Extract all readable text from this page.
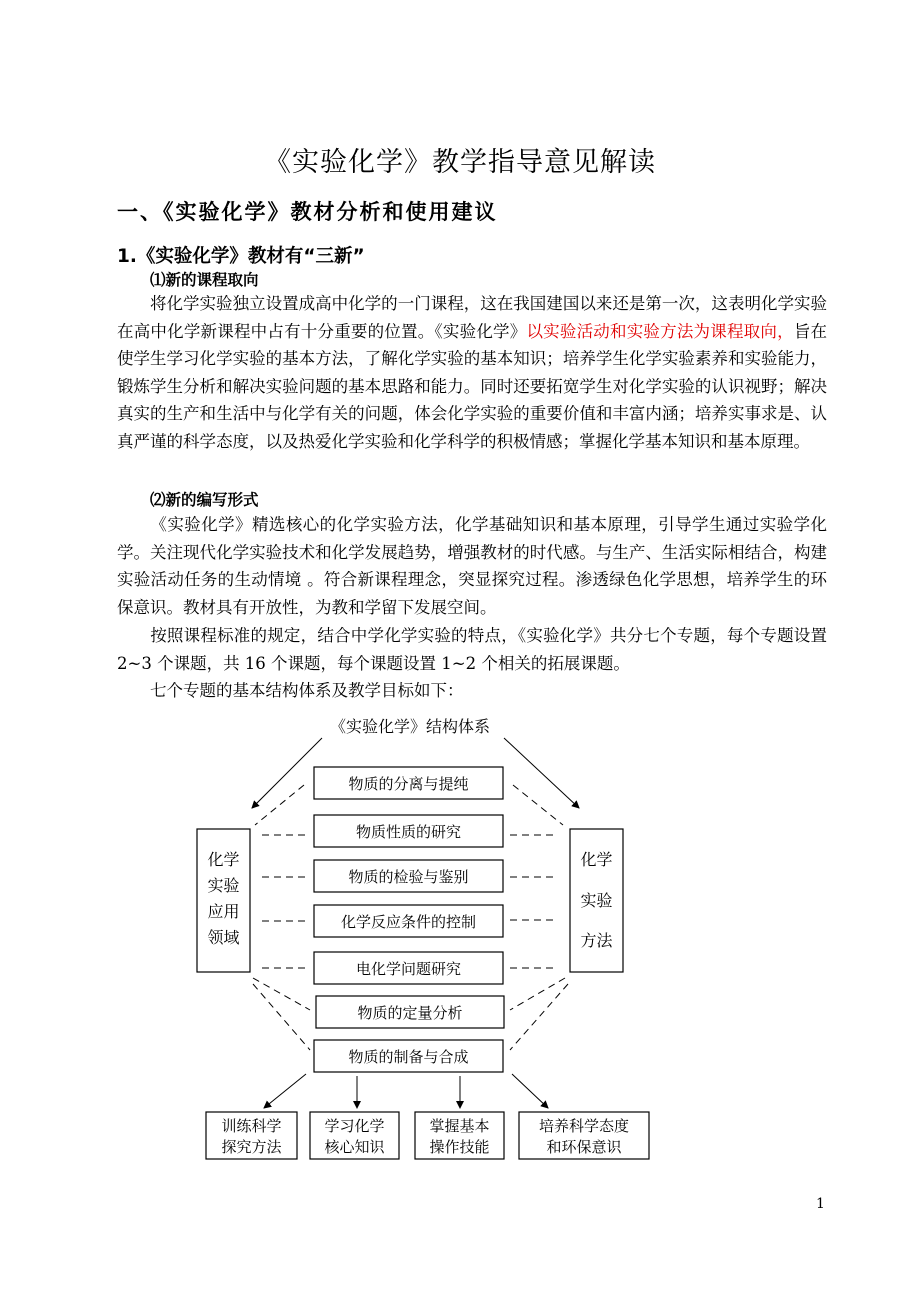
《实验化学》教学指导意见解读
一、《实验化学》教材分析和使用建议
1.《实验化学》教材有“三新”
⑴新的课程取向

将化学实验独立设置成高中化学的一门课程，这在我国建国以来还是第一次，这表明化学实验在高中化学新课程中占有十分重要的位置。《实验化学》以实验活动和实验方法为课程取向，旨在使学生学习化学实验的基本方法，了解化学实验的基本知识；培养学生化学实验素养和实验能力，锻炼学生分析和解决实验问题的基本思路和能力。同时还要拓宽学生对化学实验的认识视野；解决真实的生产和生活中与化学有关的问题，体会化学实验的重要价值和丰富内涵；培养实事求是、认真严谨的科学态度，以及热爱化学实验和化学科学的积极情感；掌握化学基本知识和基本原理。

⑵新的编写形式

《实验化学》精选核心的化学实验方法，化学基础知识和基本原理，引导学生通过实验学化学。关注现代化学实验技术和化学发展趋势，增强教材的时代感。与生产、生活实际相结合，构建实验活动任务的生动情境 。符合新课程理念，突显探究过程。渗透绿色化学思想，培养学生的环保意识。教材具有开放性，为教和学留下发展空间。

按照课程标准的规定，结合中学化学实验的特点，《实验化学》共分七个专题，每个专题设置 2~3 个课题，共 16 个课题，每个课题设置 1~2 个相关的拓展课题。

七个专题的基本结构体系及教学目标如下：

《实验化学》结构体系
物质的分离与提纯
物质性质的研究
物质的检验与鉴别
化学反应条件的控制
电化学问题研究
物质的定量分析
物质的制备与合成
化学
实验
应用
领域
化学
实验
方法
训练科学
探究方法
学习化学
核心知识
掌握基本
操作技能
培养科学态度
和环保意识
1
